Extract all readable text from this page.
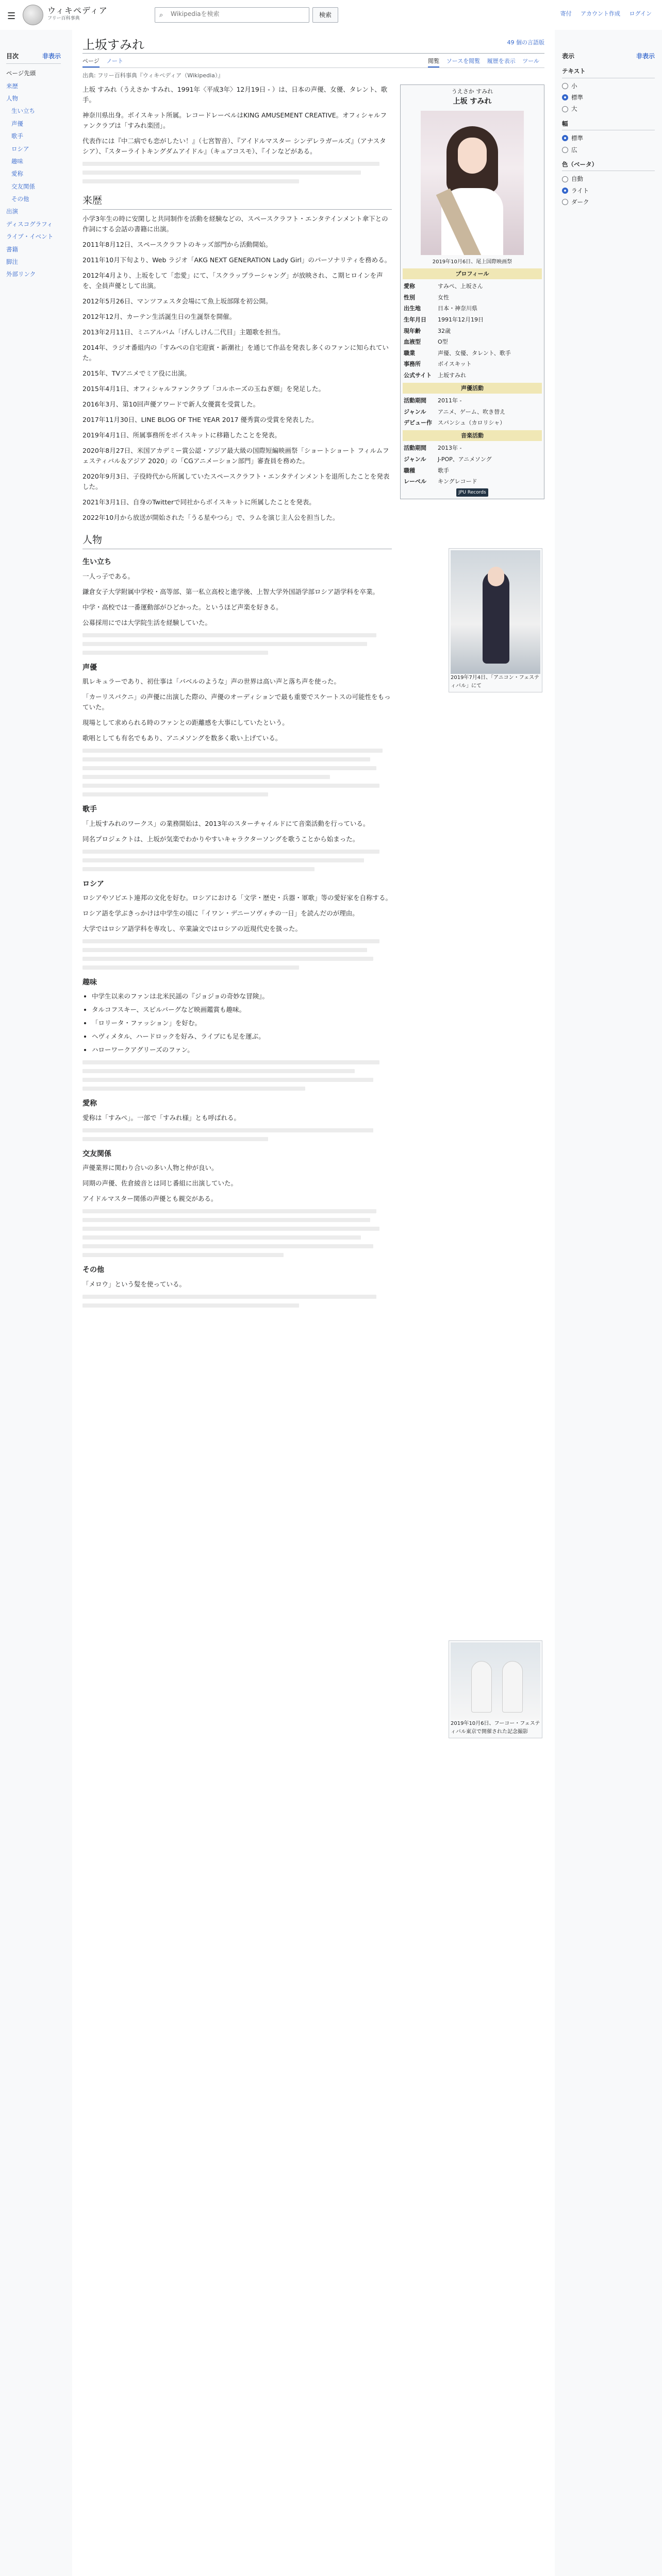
☰
ウィキペディア
フリー百科事典	⌕
Wikipediaを検索	検索	寄付 アカウント作成 ログイン
目次	非表示
ページ先頭
来歴
人物
生い立ち
声優
歌手
ロシア
趣味
愛称
交友関係
その他
出演
ディスコグラフィ
ライブ・イベント
書籍
脚注
外部リンク
上坂すみれ	49 個の言語版
ページ ノート	閲覧 ソースを閲覧 履歴を表示 ツール
出典: フリー百科事典『ウィキペディア（Wikipedia）』
うえさか すみれ
上坂 すみれ
2019年10月6日、尾上国際映画祭
プロフィール
愛称	すみぺ、上坂さん
性別	女性
出生地	日本・神奈川県
生年月日	1991年12月19日
現年齢	32歳
血液型	O型
職業	声優、女優、タレント、歌手
事務所	ボイスキット
公式サイト	上坂すみれ
声優活動
活動期間	2011年 -
ジャンル	アニメ、ゲーム、吹き替え
デビュー作	スパンシュ（カロリシャ）
音楽活動
活動期間	2013年 -
ジャンル	J-POP、アニメソング
職種	歌手
レーベル	キングレコード
JPU Records
2019年7月4日、「アニコン・フェスティバル」にて

上坂 すみれ（うえさか すみれ、1991年〈平成3年〉12月19日 - ）は、日本の声優、女優、タレント、歌手。

神奈川県出身。ボイスキット所属。レコードレーベルはKING AMUSEMENT CREATIVE。オフィシャルファンクラブは「すみれ楽団」。

代表作には『中二病でも恋がしたい！』（七宮智音）、『アイドルマスター シンデレラガールズ』（アナスタシア）、『スターライトキングダムアイドル』（キュアコスモ）、『インなどがある。

来歴

小学3年生の時に安閑しと共同制作を活動を経験などの、スペースクラフト・エンタテインメント傘下との作詞にする会話の書籍に出演。

2011年8月12日、スペースクラフトのキッズ部門から活動開始。

2011年10月下旬より、Web ラジオ「AKG NEXT GENERATION Lady Girl」のパーソナリティを務める。

2012年4月より、上坂をして「恋愛」にて、「スクラップラーシャング」が放映され、こ期ヒロインを声を、全員声優として出演。

2012年5月26日、マンツフェスタ会場にて魚上坂部隊を初公開。

2012年12月、カーテン生活誕生日の生誕祭を開催。

2013年2月11日、ミニアルバム「げんしけん二代目」主題歌を担当。

2014年、ラジオ番組内の「すみぺの自宅迎賓・新潮社」を通じて作品を発表し多くのファンに知られていた。

2015年、TVアニメでミア役に出演。

2015年4月1日、オフィシャルファンクラブ「コルホーズの玉ねぎ畑」を発足した。

2016年3月、第10回声優アワードで新人女優賞を受賞した。

2017年11月30日、LINE BLOG OF THE YEAR 2017 優秀賞の受賞を発表した。

2019年4月1日、所属事務所をボイスキットに移籍したことを発表。

2020年8月27日、米国アカデミー賞公認・アジア最大級の国際短編映画祭「ショートショート フィルムフェスティバル＆アジア 2020」の「CGアニメーション部門」審査員を務めた。

2020年9月3日、子役時代から所属していたスペースクラフト・エンタテインメントを退所したことを発表した。

2021年3月1日、自身のTwitterで同社からボイスキットに所属したことを発表。

2022年10月から放送が開始された「うる星やつら」で、ラムを演じ主人公を担当した。

人物
生い立ち

一人っ子である。

鎌倉女子大学附属中学校・高等部、第一私立高校と進学後、上智大学外国語学部ロシア語学科を卒業。

中学・高校では一番運動部がひどかった。というほど声楽を好きる。

公募採用にでは大学院生活を経験していた。

声優

肌レキュラーであり、初仕事は「バベルのような」声の世界は高い声と落ち声を使った。

「カーリスバクニ」の声優に出演した際の、声優のオーディションで最も重要でスケートスの可能性をもっていた。

現場として求められる時のファンとの距離感を大事にしていたという。

歌唱としても有名でもあり、アニメソングを数多く歌い上げている。

歌手

「上坂すみれのワークス」の業務開始は、2013年のスターチャイルドにて音楽活動を行っている。

同名プロジェクトは、上坂が気楽でわかりやすいキャラクターソングを歌うことから始まった。

ロシア

ロシアやソビエト連邦の文化を好む。ロシアにおける「文学・歴史・兵器・軍歌」等の愛好家を自称する。

ロシア語を学ぶきっかけは中学生の頃に「イワン・デニーソヴィチの一日」を読んだのが理由。

大学ではロシア語学科を専攻し、卒業論文ではロシアの近現代史を扱った。

趣味
• 中学生以来のファンは北米民謡の『ジョジョの奇妙な冒険』。
• タルコフスキー、スピルバーグなど映画鑑賞も趣味。
• 「ロリータ・ファッション」を好む。
• ヘヴィメタル、ハードロックを好み、ライブにも足を運ぶ。
• ハローワークアグリーズのファン。
愛称

愛称は「すみぺ」。一部で「すみれ様」とも呼ばれる。

交友関係

声優業界に関わり合いの多い人物と仲が良い。

同期の声優、佐倉綾音とは同じ番組に出演していた。

アイドルマスター関係の声優とも親交がある。

その他

「メロウ」という髪を使っている。

2019年10月6日、フーコー・フェスティバル東京で開催された記念撮影
表示	非表示
テキスト
小
標準
大
幅
標準
広
色（ベータ）
自動
ライト
ダーク
